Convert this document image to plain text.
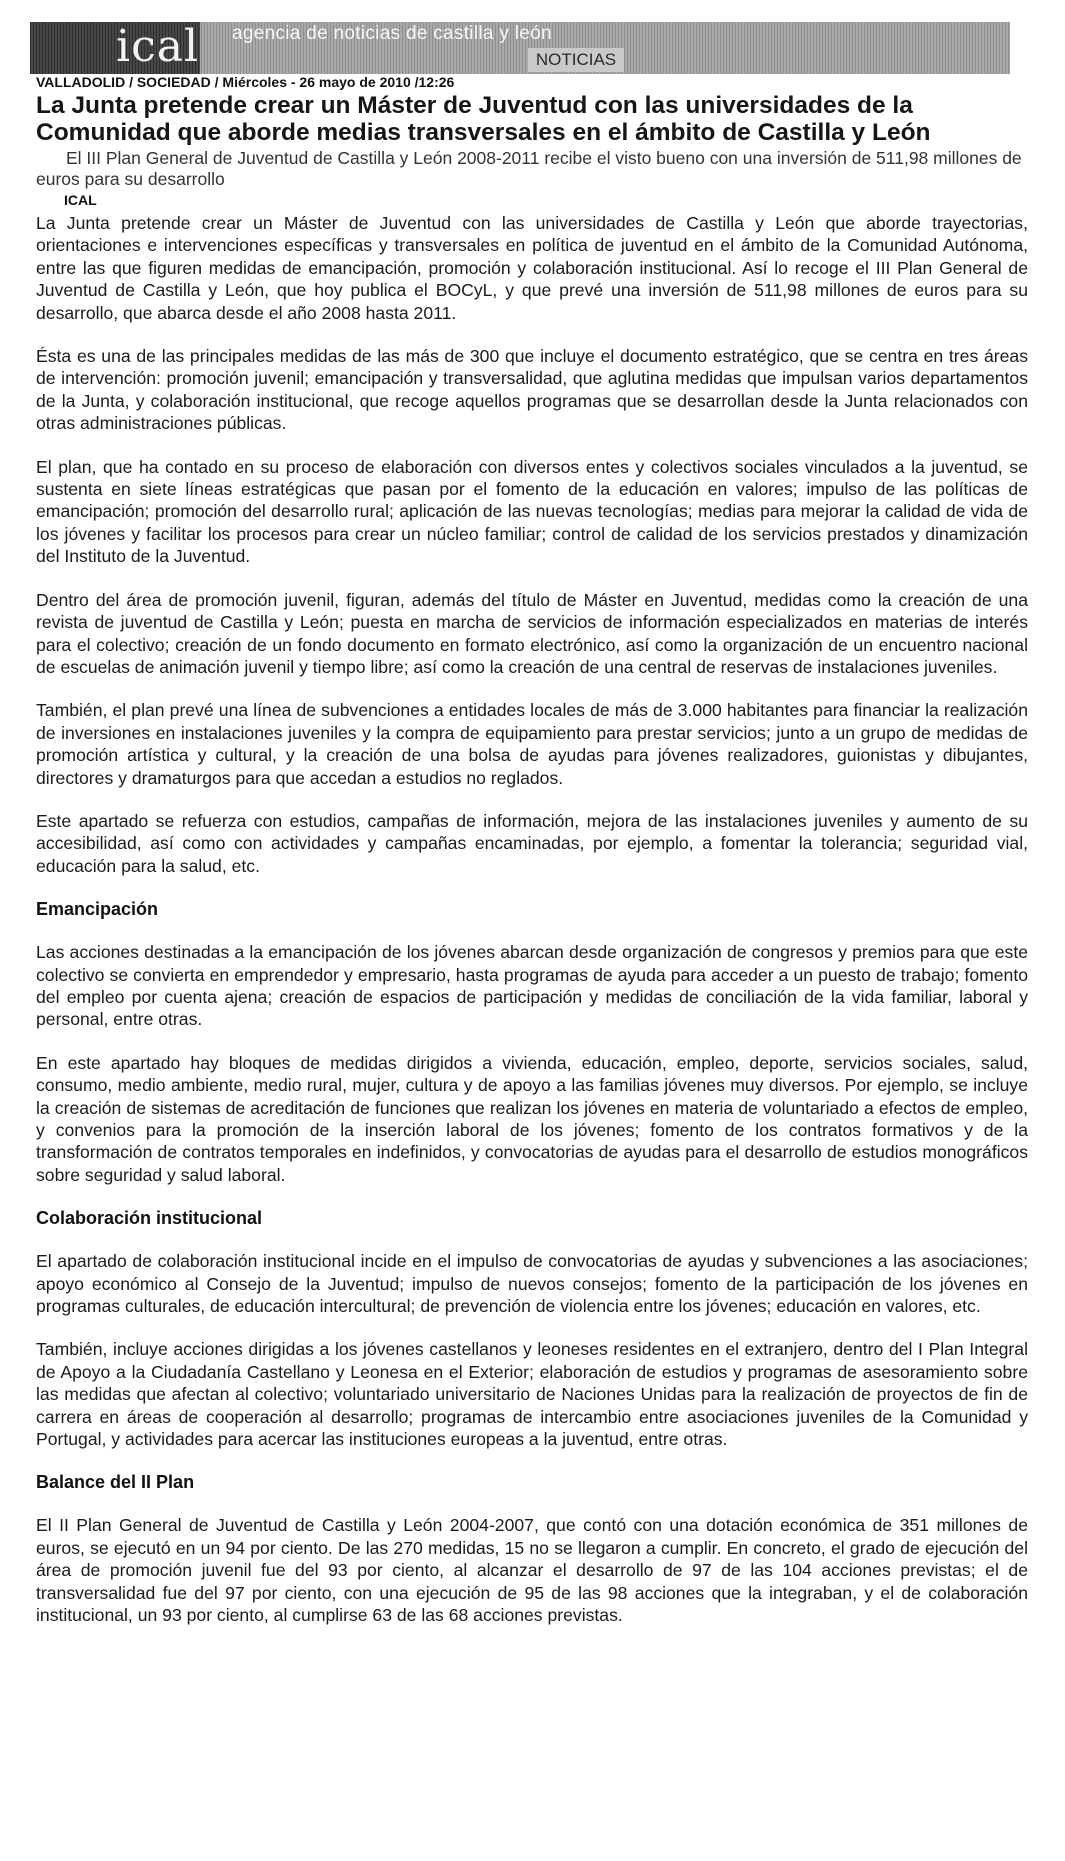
ical agencia de noticias de castilla y león
NOTICIAS
VALLADOLID / SOCIEDAD / Miércoles - 26 mayo de 2010 /12:26
La Junta pretende crear un Máster de Juventud con las universidades de la Comunidad que aborde medias transversales en el ámbito de Castilla y León

El III Plan General de Juventud de Castilla y León 2008-2011 recibe el visto bueno con una inversión de 511,98 millones de euros para su desarrollo

ICAL

La Junta pretende crear un Máster de Juventud con las universidades de Castilla y León que aborde trayectorias, orientaciones e intervenciones específicas y transversales en política de juventud en el ámbito de la Comunidad Autónoma, entre las que figuren medidas de emancipación, promoción y colaboración institucional. Así lo recoge el III Plan General de Juventud de Castilla y León, que hoy publica el BOCyL, y que prevé una inversión de 511,98 millones de euros para su desarrollo, que abarca desde el año 2008 hasta 2011.

Ésta es una de las principales medidas de las más de 300 que incluye el documento estratégico, que se centra en tres áreas de intervención: promoción juvenil; emancipación y transversalidad, que aglutina medidas que impulsan varios departamentos de la Junta, y colaboración institucional, que recoge aquellos programas que se desarrollan desde la Junta relacionados con otras administraciones públicas.

El plan, que ha contado en su proceso de elaboración con diversos entes y colectivos sociales vinculados a la juventud, se sustenta en siete líneas estratégicas que pasan por el fomento de la educación en valores; impulso de las políticas de emancipación; promoción del desarrollo rural; aplicación de las nuevas tecnologías; medias para mejorar la calidad de vida de los jóvenes y facilitar los procesos para crear un núcleo familiar; control de calidad de los servicios prestados y dinamización del Instituto de la Juventud.

Dentro del área de promoción juvenil, figuran, además del título de Máster en Juventud, medidas como la creación de una revista de juventud de Castilla y León; puesta en marcha de servicios de información especializados en materias de interés para el colectivo; creación de un fondo documento en formato electrónico, así como la organización de un encuentro nacional de escuelas de animación juvenil y tiempo libre; así como la creación de una central de reservas de instalaciones juveniles.

También, el plan prevé una línea de subvenciones a entidades locales de más de 3.000 habitantes para financiar la realización de inversiones en instalaciones juveniles y la compra de equipamiento para prestar servicios; junto a un grupo de medidas de promoción artística y cultural, y la creación de una bolsa de ayudas para jóvenes realizadores, guionistas y dibujantes, directores y dramaturgos para que accedan a estudios no reglados.

Este apartado se refuerza con estudios, campañas de información, mejora de las instalaciones juveniles y aumento de su accesibilidad, así como con actividades y campañas encaminadas, por ejemplo, a fomentar la tolerancia; seguridad vial, educación para la salud, etc.

Emancipación

Las acciones destinadas a la emancipación de los jóvenes abarcan desde organización de congresos y premios para que este colectivo se convierta en emprendedor y empresario, hasta programas de ayuda para acceder a un puesto de trabajo; fomento del empleo por cuenta ajena; creación de espacios de participación y medidas de conciliación de la vida familiar, laboral y personal, entre otras.

En este apartado hay bloques de medidas dirigidos a vivienda, educación, empleo, deporte, servicios sociales, salud, consumo, medio ambiente, medio rural, mujer, cultura y de apoyo a las familias jóvenes muy diversos. Por ejemplo, se incluye la creación de sistemas de acreditación de funciones que realizan los jóvenes en materia de voluntariado a efectos de empleo, y convenios para la promoción de la inserción laboral de los jóvenes; fomento de los contratos formativos y de la transformación de contratos temporales en indefinidos, y convocatorias de ayudas para el desarrollo de estudios monográficos sobre seguridad y salud laboral.

Colaboración institucional

El apartado de colaboración institucional incide en el impulso de convocatorias de ayudas y subvenciones a las asociaciones; apoyo económico al Consejo de la Juventud; impulso de nuevos consejos; fomento de la participación de los jóvenes en programas culturales, de educación intercultural; de prevención de violencia entre los jóvenes; educación en valores, etc.

También, incluye acciones dirigidas a los jóvenes castellanos y leoneses residentes en el extranjero, dentro del I Plan Integral de Apoyo a la Ciudadanía Castellano y Leonesa en el Exterior; elaboración de estudios y programas de asesoramiento sobre las medidas que afectan al colectivo; voluntariado universitario de Naciones Unidas para la realización de proyectos de fin de carrera en áreas de cooperación al desarrollo; programas de intercambio entre asociaciones juveniles de la Comunidad y Portugal, y actividades para acercar las instituciones europeas a la juventud, entre otras.

Balance del II Plan

El II Plan General de Juventud de Castilla y León 2004-2007, que contó con una dotación económica de 351 millones de euros, se ejecutó en un 94 por ciento. De las 270 medidas, 15 no se llegaron a cumplir. En concreto, el grado de ejecución del área de promoción juvenil fue del 93 por ciento, al alcanzar el desarrollo de 97 de las 104 acciones previstas; el de transversalidad fue del 97 por ciento, con una ejecución de 95 de las 98 acciones que la integraban, y el de colaboración institucional, un 93 por ciento, al cumplirse 63 de las 68 acciones previstas.
